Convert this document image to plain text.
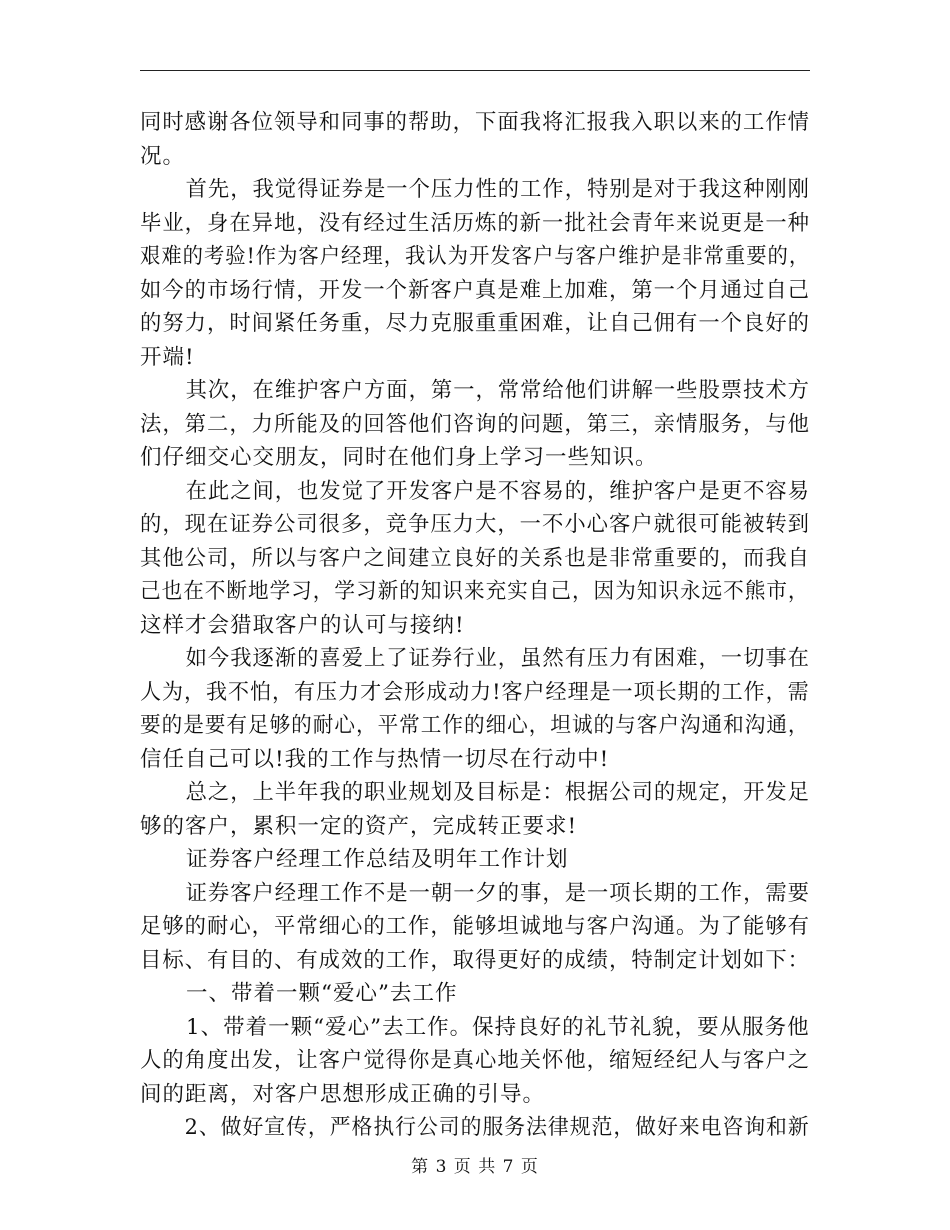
同时感谢各位领导和同事的帮助，下面我将汇报我入职以来的工作情
况。
首先，我觉得证券是一个压力性的工作，特别是对于我这种刚刚
毕业，身在异地，没有经过生活历炼的新一批社会青年来说更是一种
艰难的考验!作为客户经理，我认为开发客户与客户维护是非常重要的，
如今的市场行情，开发一个新客户真是难上加难，第一个月通过自己
的努力，时间紧任务重，尽力克服重重困难，让自己佣有一个良好的
开端!
其次，在维护客户方面，第一，常常给他们讲解一些股票技术方
法，第二，力所能及的回答他们咨询的问题，第三，亲情服务，与他
们仔细交心交朋友，同时在他们身上学习一些知识。
在此之间，也发觉了开发客户是不容易的，维护客户是更不容易
的，现在证券公司很多，竞争压力大，一不小心客户就很可能被转到
其他公司，所以与客户之间建立良好的关系也是非常重要的，而我自
己也在不断地学习，学习新的知识来充实自己，因为知识永远不熊市，
这样才会猎取客户的认可与接纳!
如今我逐渐的喜爱上了证券行业，虽然有压力有困难，一切事在
人为，我不怕，有压力才会形成动力!客户经理是一项长期的工作，需
要的是要有足够的耐心，平常工作的细心，坦诚的与客户沟通和沟通，
信任自己可以!我的工作与热情一切尽在行动中!
总之，上半年我的职业规划及目标是：根据公司的规定，开发足
够的客户，累积一定的资产，完成转正要求!
证券客户经理工作总结及明年工作计划
证券客户经理工作不是一朝一夕的事，是一项长期的工作，需要
足够的耐心，平常细心的工作，能够坦诚地与客户沟通。为了能够有
目标、有目的、有成效的工作，取得更好的成绩，特制定计划如下：
一、带着一颗“爱心”去工作
1、带着一颗“爱心”去工作。保持良好的礼节礼貌，要从服务他
人的角度出发，让客户觉得你是真心地关怀他，缩短经纪人与客户之
间的距离，对客户思想形成正确的引导。
2、做好宣传，严格执行公司的服务法律规范，做好来电咨询和新
第 3 页 共 7 页
